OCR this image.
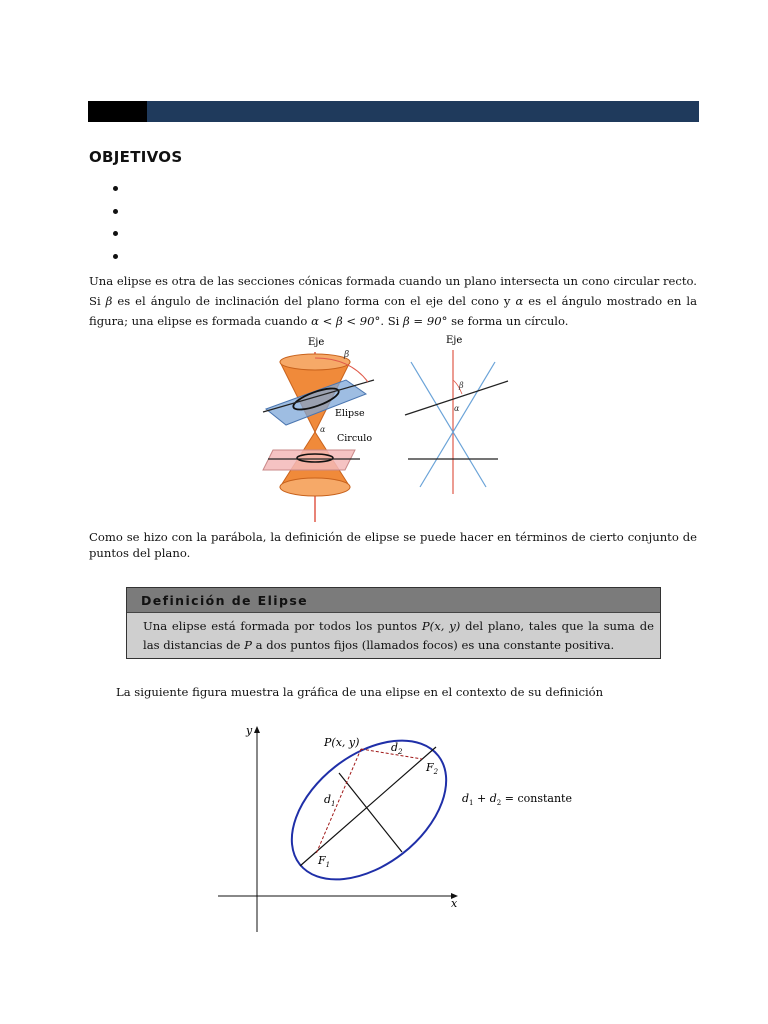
OBJETIVOS
Una elipse es otra de las secciones cónicas formada cuando un plano intersecta un cono circular recto. Si β es el ángulo de inclinación del plano forma con el eje del cono y α es el ángulo mostrado en la figura; una elipse es formada cuando α < β < 90°. Si β = 90° se forma un círculo.
Eje
β
α
Elipse
Circulo
Eje
β
α
Como se hizo con la parábola, la definición de elipse se puede hacer en términos de cierto conjunto de puntos del plano.
Definición de Elipse
Una elipse está formada por todos los puntos P(x, y) del plano, tales que la suma de las distancias de P a dos puntos fijos (llamados focos) es una constante positiva.
La siguiente figura muestra la gráfica de una elipse en el contexto de su definición
y
x
P(x, y)	$d_2$
$d_1$
$F_1$
$F_2$
$d_1 + d_2$ = constante
